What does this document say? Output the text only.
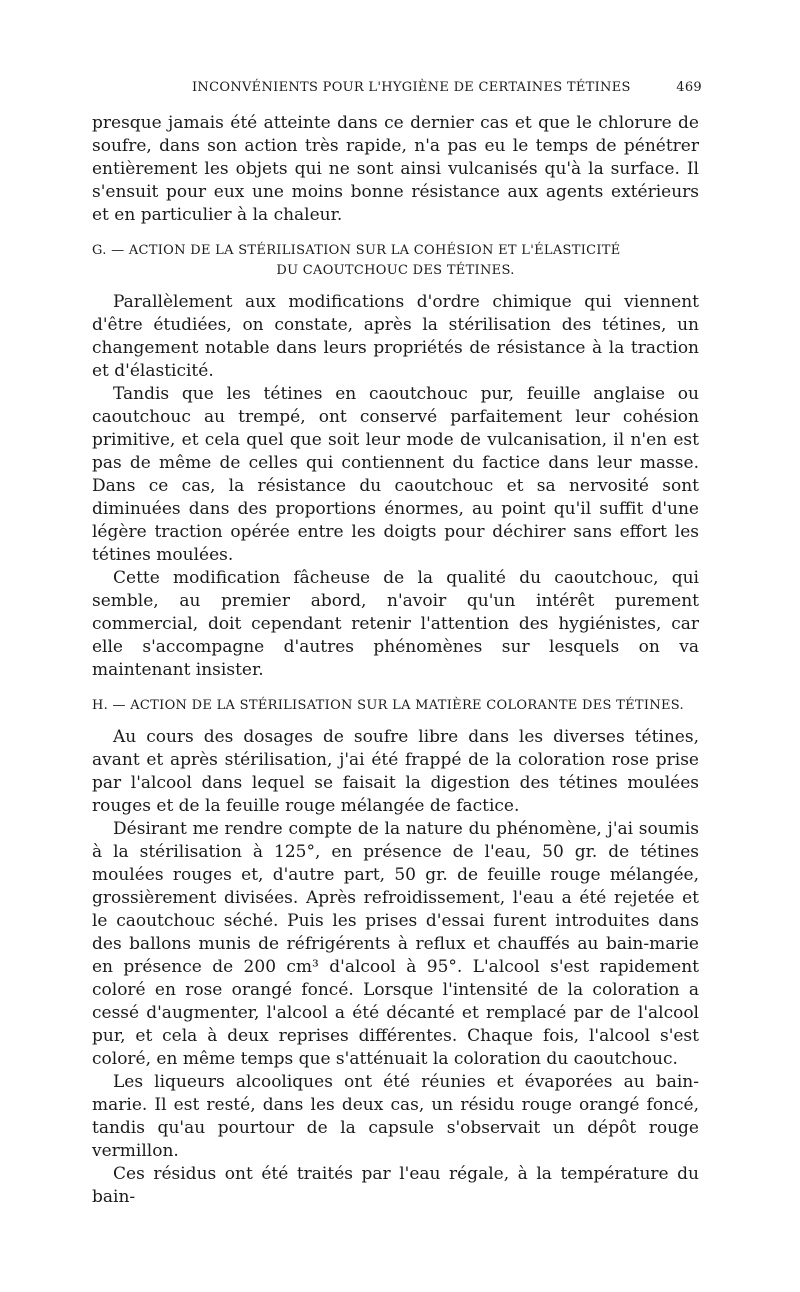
INCONVÉNIENTS POUR L'HYGIÈNE DE CERTAINES TÉTINES	469

presque jamais été atteinte dans ce dernier cas et que le chlorure de soufre, dans son action très rapide, n'a pas eu le temps de pénétrer entièrement les objets qui ne sont ainsi vulcanisés qu'à la surface. Il s'ensuit pour eux une moins bonne résistance aux agents extérieurs et en particulier à la chaleur.

G. — ACTION DE LA STÉRILISATION SUR LA COHÉSION ET L'ÉLASTICITÉ
DU CAOUTCHOUC DES TÉTINES.

Parallèlement aux modifications d'ordre chimique qui viennent d'être étudiées, on constate, après la stérilisation des tétines, un changement notable dans leurs propriétés de résistance à la traction et d'élasticité.

Tandis que les tétines en caoutchouc pur, feuille anglaise ou caoutchouc au trempé, ont conservé parfaitement leur cohésion primitive, et cela quel que soit leur mode de vulcanisation, il n'en est pas de même de celles qui contiennent du factice dans leur masse. Dans ce cas, la résistance du caoutchouc et sa nervosité sont diminuées dans des proportions énormes, au point qu'il suffit d'une légère traction opérée entre les doigts pour déchirer sans effort les tétines moulées.

Cette modification fâcheuse de la qualité du caoutchouc, qui semble, au premier abord, n'avoir qu'un intérêt purement commercial, doit cependant retenir l'attention des hygiénistes, car elle s'accompagne d'autres phénomènes sur lesquels on va maintenant insister.

H. — ACTION DE LA STÉRILISATION SUR LA MATIÈRE COLORANTE DES TÉTINES.

Au cours des dosages de soufre libre dans les diverses tétines, avant et après stérilisation, j'ai été frappé de la coloration rose prise par l'alcool dans lequel se faisait la digestion des tétines moulées rouges et de la feuille rouge mélangée de factice.

Désirant me rendre compte de la nature du phénomène, j'ai soumis à la stérilisation à 125°, en présence de l'eau, 50 gr. de tétines moulées rouges et, d'autre part, 50 gr. de feuille rouge mélangée, grossièrement divisées. Après refroidissement, l'eau a été rejetée et le caoutchouc séché. Puis les prises d'essai furent introduites dans des ballons munis de réfrigérents à reflux et chauffés au bain-marie en présence de 200 cm³ d'alcool à 95°. L'alcool s'est rapidement coloré en rose orangé foncé. Lorsque l'intensité de la coloration a cessé d'augmenter, l'alcool a été décanté et remplacé par de l'alcool pur, et cela à deux reprises différentes. Chaque fois, l'alcool s'est coloré, en même temps que s'atténuait la coloration du caoutchouc.

Les liqueurs alcooliques ont été réunies et évaporées au bain-marie. Il est resté, dans les deux cas, un résidu rouge orangé foncé, tandis qu'au pourtour de la capsule s'observait un dépôt rouge vermillon.

Ces résidus ont été traités par l'eau régale, à la température du bain-
